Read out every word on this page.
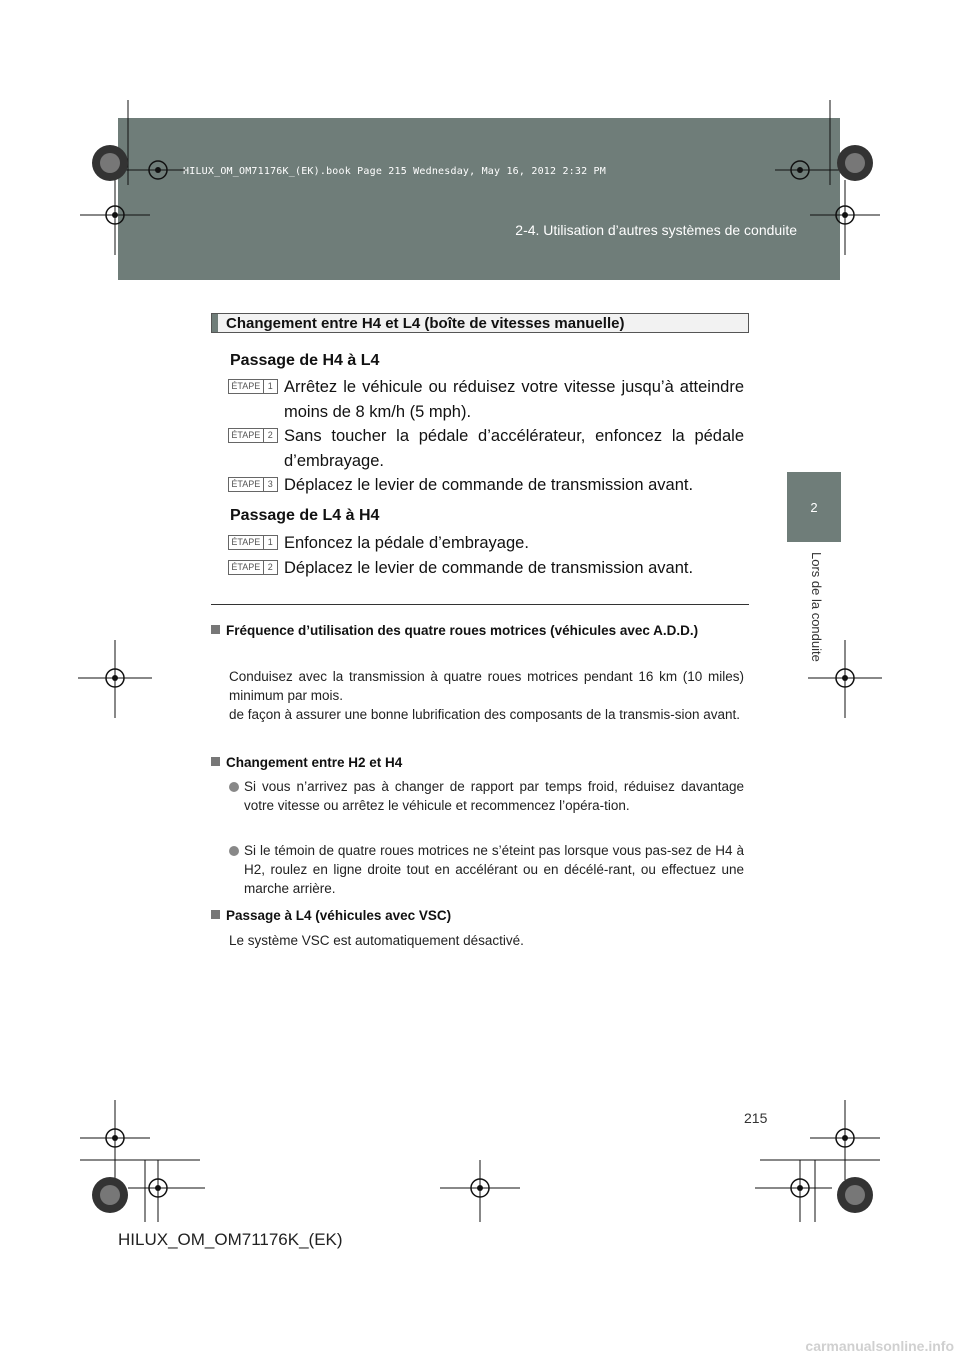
HILUX_OM_OM71176K_(EK).book Page 215 Wednesday, May 16, 2012 2:32 PM
2-4. Utilisation d’autres systèmes de conduite
2
Lors de la conduite
Changement entre H4 et L4 (boîte de vitesses manuelle)
Passage de H4 à L4
ÉTAPE 1 Arrêtez le véhicule ou réduisez votre vitesse jusqu’à atteindre moins de 8 km/h (5 mph).
ÉTAPE 2 Sans toucher la pédale d’accélérateur, enfoncez la pédale d’embrayage.
ÉTAPE 3 Déplacez le levier de commande de transmission avant.
Passage de L4 à H4
ÉTAPE 1 Enfoncez la pédale d’embrayage.
ÉTAPE 2 Déplacez le levier de commande de transmission avant.
Fréquence d’utilisation des quatre roues motrices (véhicules avec A.D.D.)
Conduisez avec la transmission à quatre roues motrices pendant 16 km (10 miles) minimum par mois.
de façon à assurer une bonne lubrification des composants de la transmis-sion avant.
Changement entre H2 et H4
Si vous n’arrivez pas à changer de rapport par temps froid, réduisez davantage votre vitesse ou arrêtez le véhicule et recommencez l’opéra-tion.
Si le témoin de quatre roues motrices ne s’éteint pas lorsque vous pas-sez de H4 à H2, roulez en ligne droite tout en accélérant ou en décélé-rant, ou effectuez une marche arrière.
Passage à L4 (véhicules avec VSC)
Le système VSC est automatiquement désactivé.
215
HILUX_OM_OM71176K_(EK)
carmanualsonline.info
